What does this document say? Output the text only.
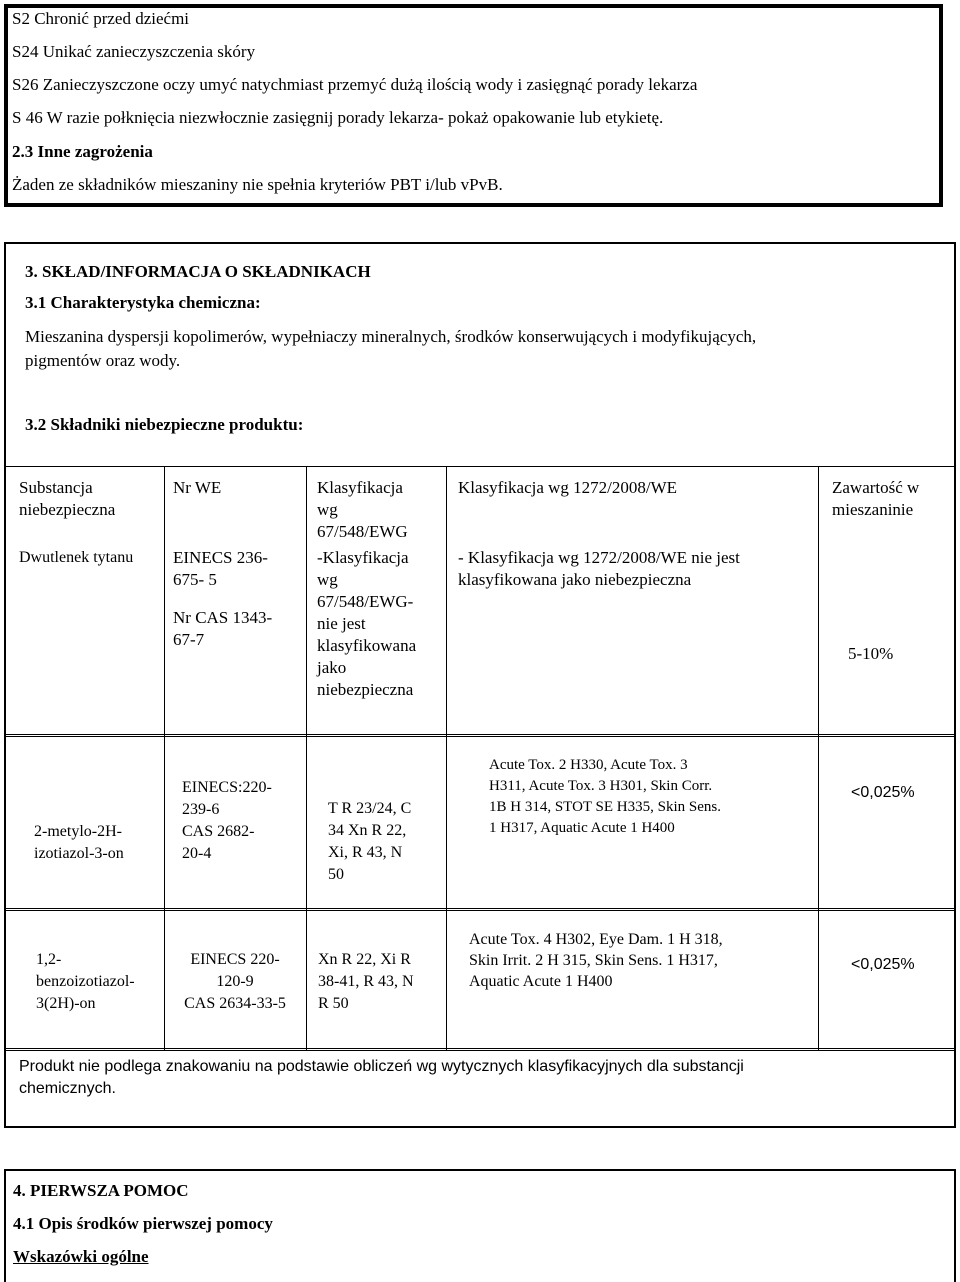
S2 Chronić przed dziećmi
S24 Unikać zanieczyszczenia skóry
S26 Zanieczyszczone oczy umyć natychmiast przemyć dużą ilością wody i zasięgnąć porady lekarza
S 46 W razie połknięcia niezwłocznie zasięgnij porady lekarza- pokaż opakowanie lub etykietę.
2.3 Inne zagrożenia
Żaden ze składników mieszaniny nie spełnia kryteriów PBT i/lub vPvB.
3. SKŁAD/INFORMACJA O SKŁADNIKACH
3.1 Charakterystyka chemiczna:
Mieszanina dyspersji kopolimerów, wypełniaczy mineralnych, środków konserwujących i modyfikujących,
pigmentów oraz wody.
3.2 Składniki niebezpieczne produktu:
Substancja
niebezpieczna
Nr WE	Klasyfikacja
wg
67/548/EWG
Klasyfikacja wg 1272/2008/WE	Zawartość w
mieszaninie
Dwutlenek tytanu EINECS 236-
675- 5
Nr CAS 1343-
67-7
-Klasyfikacja
wg
67/548/EWG-
nie jest
klasyfikowana
jako
niebezpieczna
- Klasyfikacja wg 1272/2008/WE nie jest
klasyfikowana jako niebezpieczna
5-10%
2-metylo-2H-
izotiazol-3-on
EINECS:220-
239-6
CAS 2682-
20-4
T R 23/24, C
34 Xn R 22,
Xi, R 43, N
50
Acute Tox. 2 H330, Acute Tox. 3
H311, Acute Tox. 3 H301, Skin Corr.
1B H 314, STOT SE H335, Skin Sens.
1 H317, Aquatic Acute 1 H400
<0,025%
1,2-
benzoizotiazol-
3(2H)-on
EINECS 220-
120-9
CAS 2634-33-5
Xn R 22, Xi R
38-41, R 43, N
R 50
Acute Tox. 4 H302, Eye Dam. 1 H 318,
Skin Irrit. 2 H 315, Skin Sens. 1 H317,
Aquatic Acute 1 H400
<0,025%
Produkt nie podlega znakowaniu na podstawie obliczeń wg wytycznych klasyfikacyjnych dla substancji
chemicznych.
4. PIERWSZA POMOC
4.1 Opis środków pierwszej pomocy
Wskazówki ogólne
